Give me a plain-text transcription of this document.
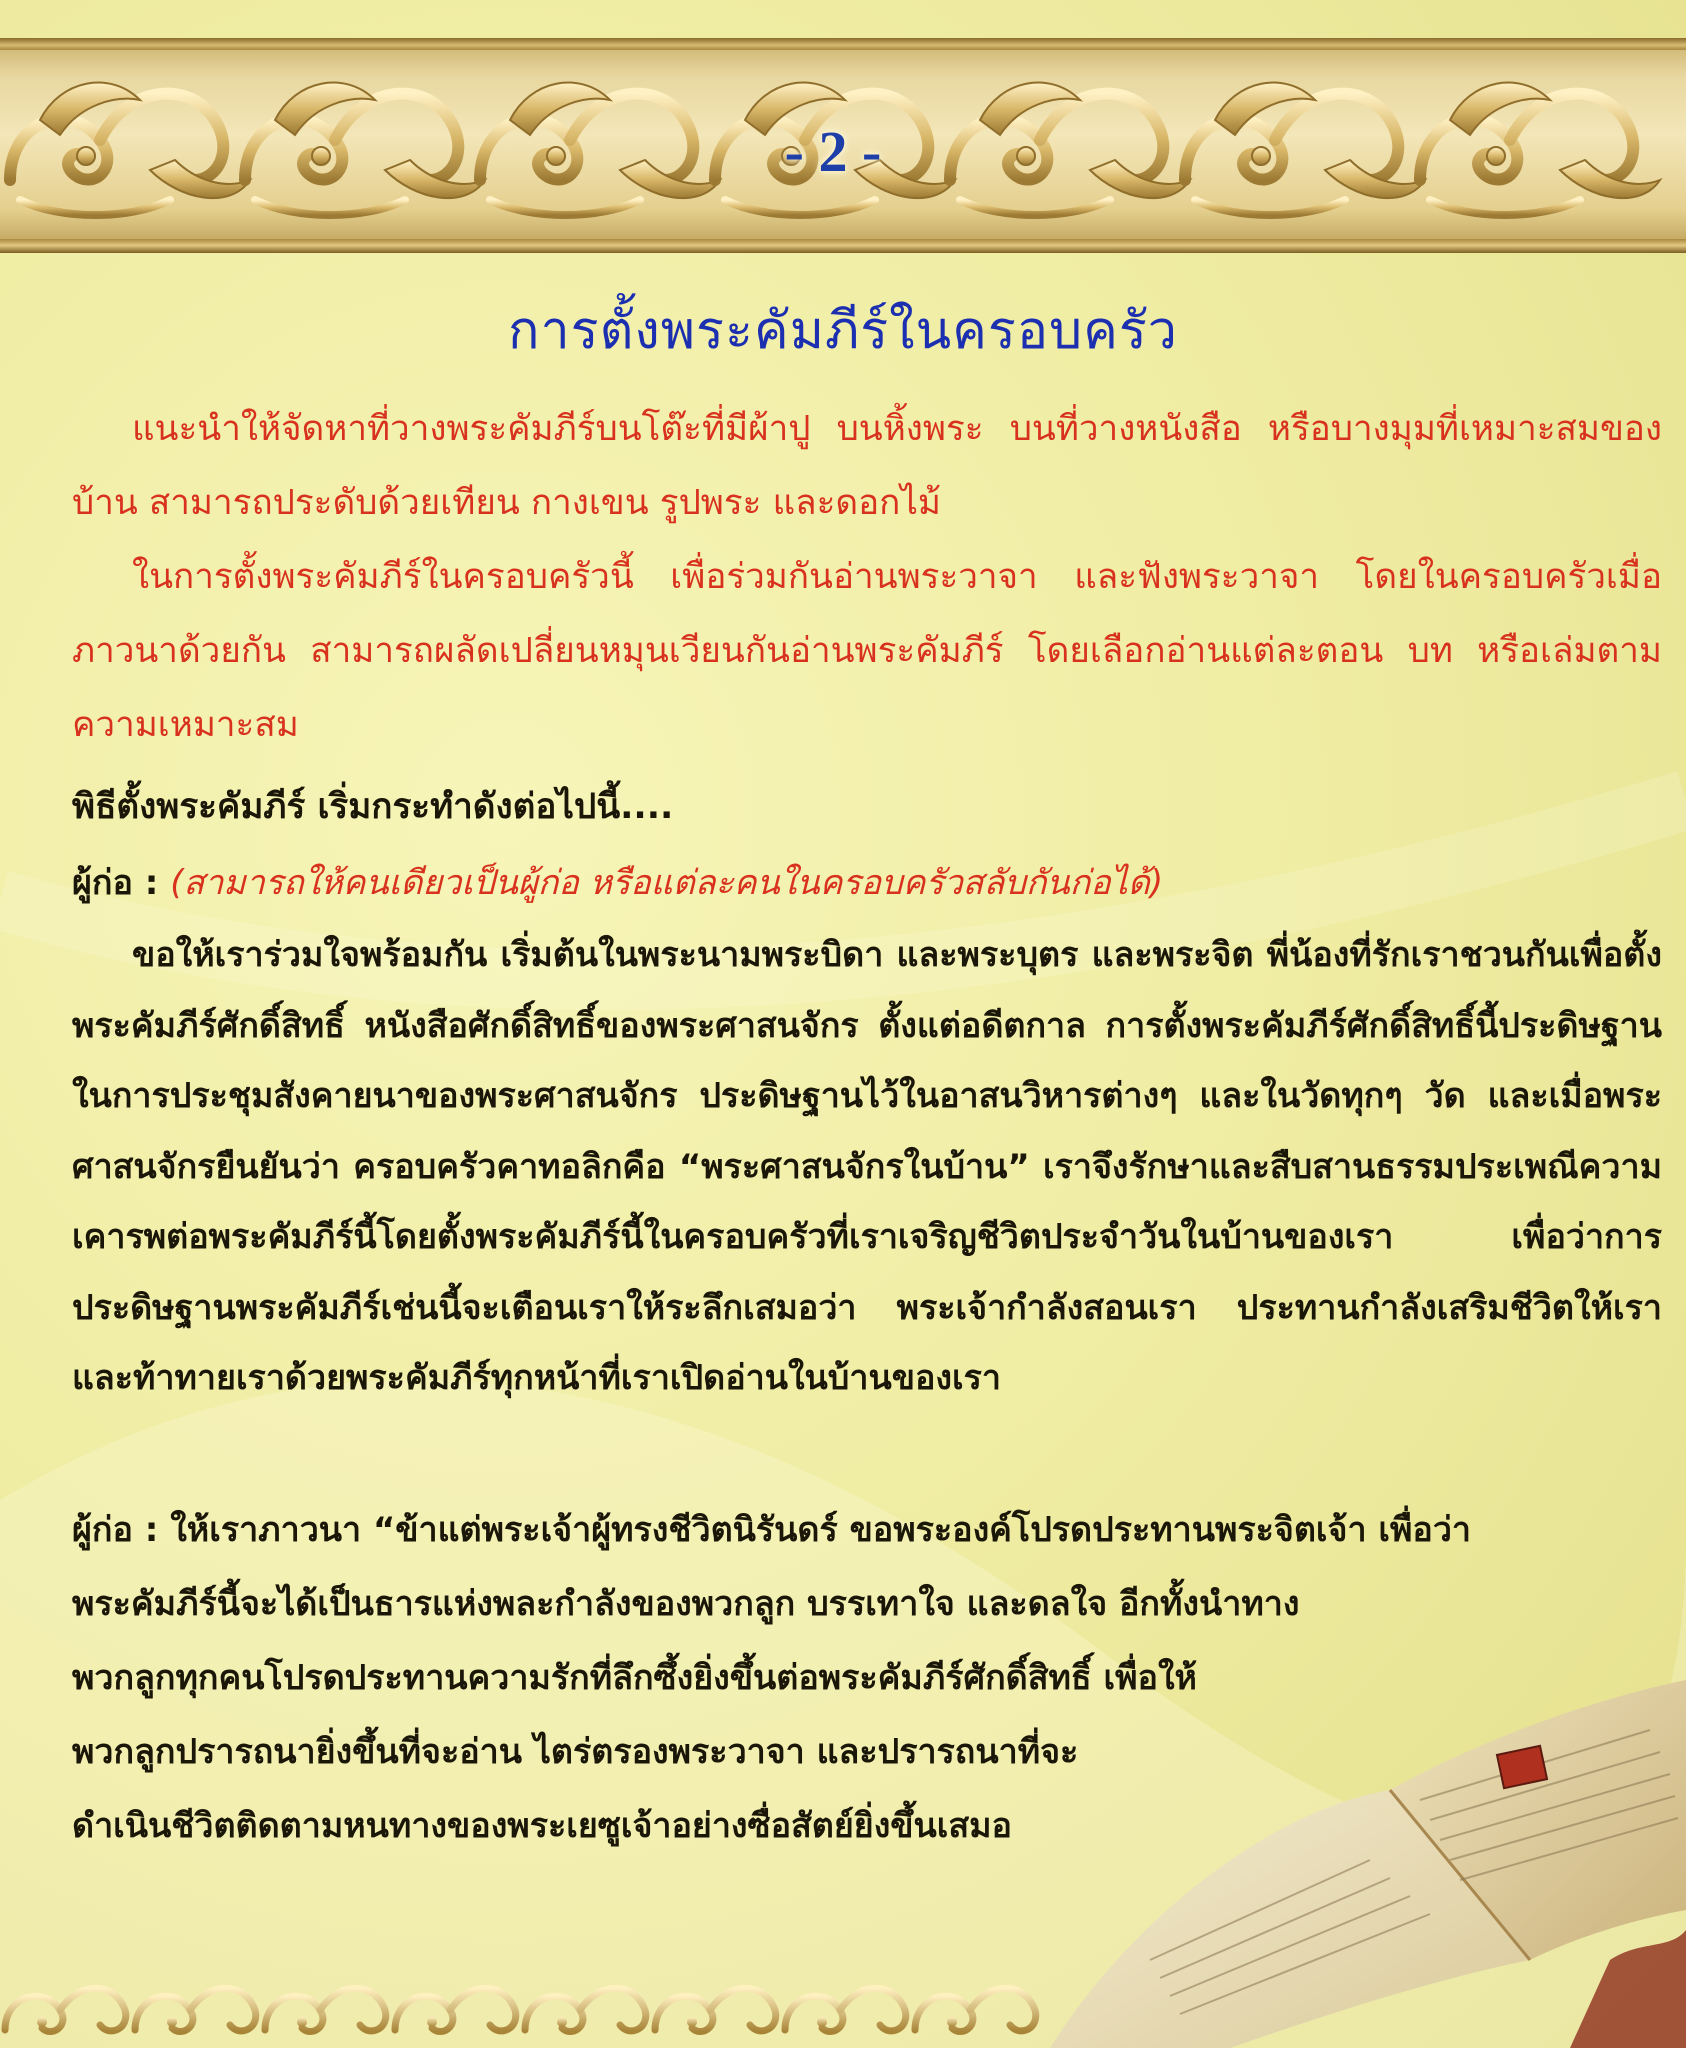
- 2 -
การตั้งพระคัมภีร์ในครอบครัว

แนะนำให้จัดหาที่วางพระคัมภีร์บนโต๊ะที่มีผ้าปู บนหิ้งพระ บนที่วางหนังสือ หรือบางมุมที่เหมาะสมของบ้าน สามารถประดับด้วยเทียน กางเขน รูปพระ และดอกไม้

ในการตั้งพระคัมภีร์ในครอบครัวนี้ เพื่อร่วมกันอ่านพระวาจา และฟังพระวาจา โดยในครอบครัวเมื่อภาวนาด้วยกัน สามารถผลัดเปลี่ยนหมุนเวียนกันอ่านพระคัมภีร์ โดยเลือกอ่านแต่ละตอน บท หรือเล่มตามความเหมาะสม

พิธีตั้งพระคัมภีร์ เริ่มกระทำดังต่อไปนี้....

ผู้ก่อ : (สามารถให้คนเดียวเป็นผู้ก่อ หรือแต่ละคนในครอบครัวสลับกันก่อได้)

ขอให้เราร่วมใจพร้อมกัน เริ่มต้นในพระนามพระบิดา และพระบุตร และพระจิต พี่น้องที่รักเราชวนกันเพื่อตั้งพระคัมภีร์ศักดิ์สิทธิ์ หนังสือศักดิ์สิทธิ์ของพระศาสนจักร ตั้งแต่อดีตกาล การตั้งพระคัมภีร์ศักดิ์สิทธิ์นี้ประดิษฐานในการประชุมสังคายนาของพระศาสนจักร ประดิษฐานไว้ในอาสนวิหารต่างๆ และในวัดทุกๆ วัด และเมื่อพระศาสนจักรยืนยันว่า ครอบครัวคาทอลิกคือ “พระศาสนจักรในบ้าน” เราจึงรักษาและสืบสานธรรมประเพณีความเคารพต่อพระคัมภีร์นี้โดยตั้งพระคัมภีร์นี้ในครอบครัวที่เราเจริญชีวิตประจำวันในบ้านของเรา เพื่อว่าการประดิษฐานพระคัมภีร์เช่นนี้จะเตือนเราให้ระลึกเสมอว่า พระเจ้ากำลังสอนเรา ประทานกำลังเสริมชีวิตให้เราและท้าทายเราด้วยพระคัมภีร์ทุกหน้าที่เราเปิดอ่านในบ้านของเรา

ผู้ก่อ : ให้เราภาวนา “ข้าแต่พระเจ้าผู้ทรงชีวิตนิรันดร์ ขอพระองค์โปรดประทานพระจิตเจ้า เพื่อว่า

พระคัมภีร์นี้จะได้เป็นธารแห่งพละกำลังของพวกลูก บรรเทาใจ และดลใจ อีกทั้งนำทาง

พวกลูกทุกคนโปรดประทานความรักที่ลึกซึ้งยิ่งขึ้นต่อพระคัมภีร์ศักดิ์สิทธิ์ เพื่อให้

พวกลูกปรารถนายิ่งขึ้นที่จะอ่าน ไตร่ตรองพระวาจา และปรารถนาที่จะ

ดำเนินชีวิตติดตามหนทางของพระเยซูเจ้าอย่างซื่อสัตย์ยิ่งขึ้นเสมอ
